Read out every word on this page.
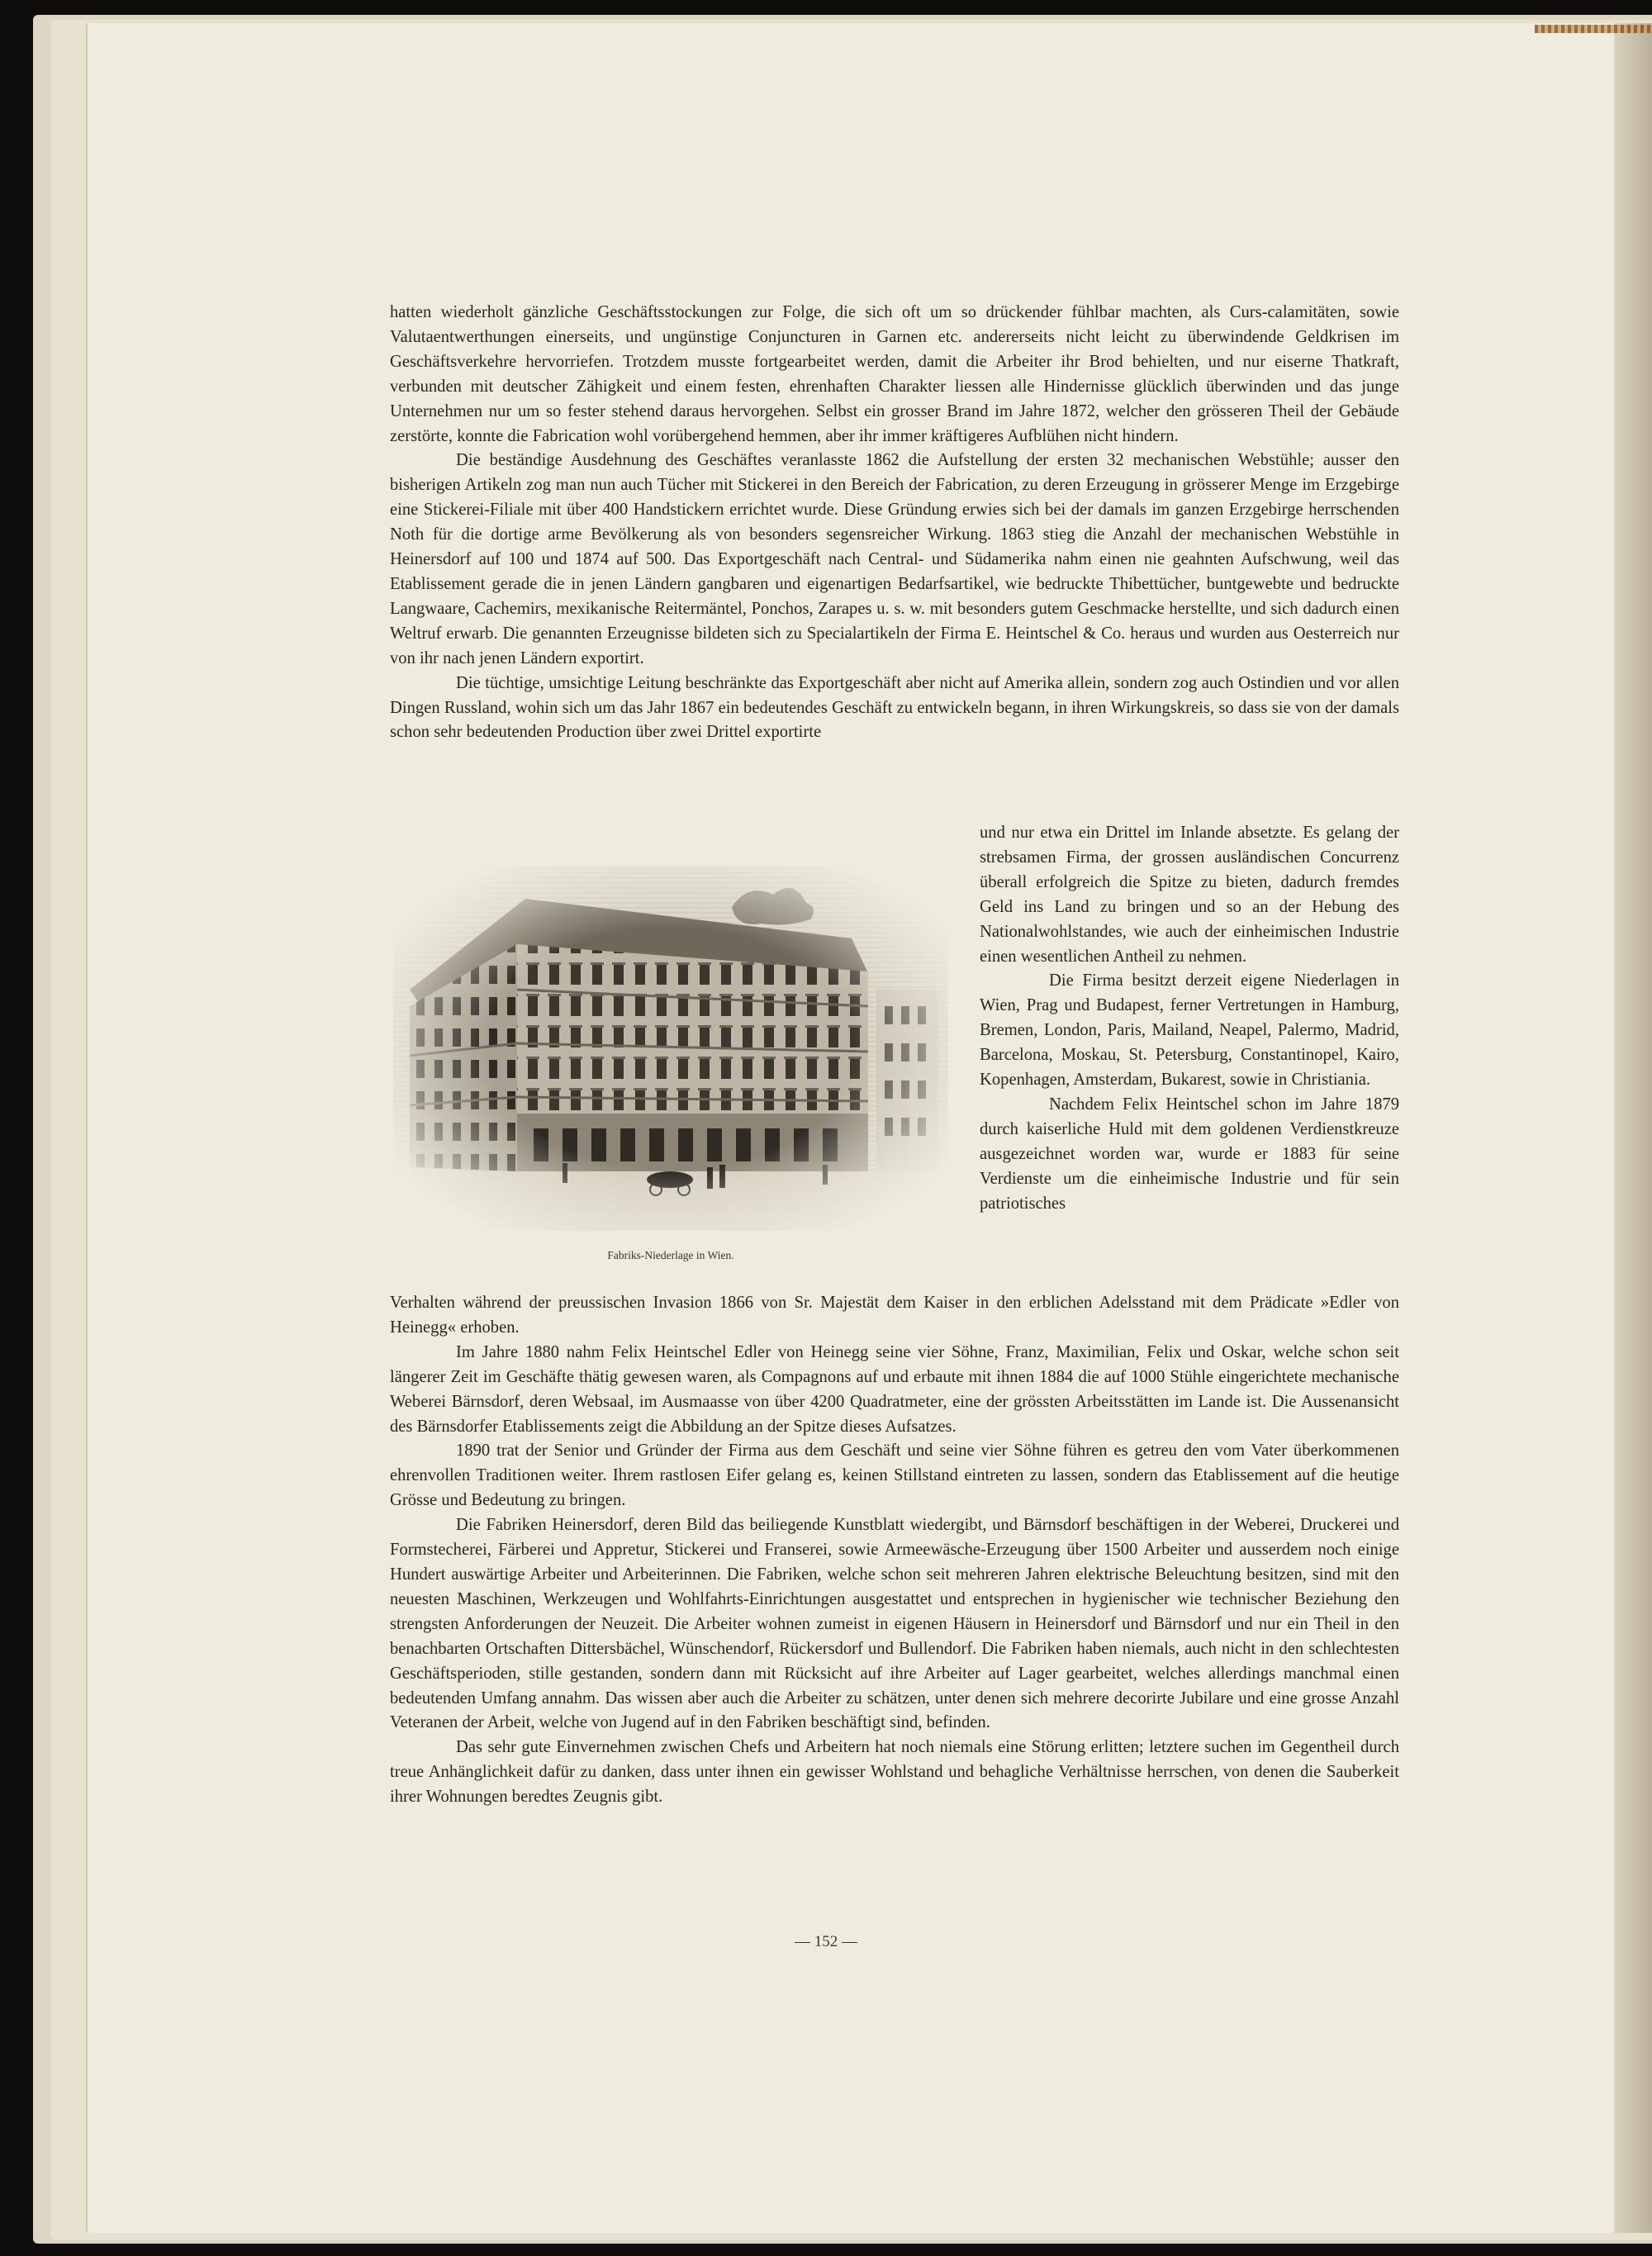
hatten wiederholt gänzliche Geschäftsstockungen zur Folge, die sich oft um so drückender fühlbar machten, als Curs-calamitäten, sowie Valutaentwerthungen einerseits, und ungünstige Conjuncturen in Garnen etc. andererseits nicht leicht zu überwindende Geldkrisen im Geschäftsverkehre hervorriefen. Trotzdem musste fortgearbeitet werden, damit die Arbeiter ihr Brod behielten, und nur eiserne Thatkraft, verbunden mit deutscher Zähigkeit und einem festen, ehrenhaften Charakter liessen alle Hindernisse glücklich überwinden und das junge Unternehmen nur um so fester stehend daraus hervorgehen. Selbst ein grosser Brand im Jahre 1872, welcher den grösseren Theil der Gebäude zerstörte, konnte die Fabrication wohl vorübergehend hemmen, aber ihr immer kräftigeres Aufblühen nicht hindern.

Die beständige Ausdehnung des Geschäftes veranlasste 1862 die Aufstellung der ersten 32 mechanischen Webstühle; ausser den bisherigen Artikeln zog man nun auch Tücher mit Stickerei in den Bereich der Fabrication, zu deren Erzeugung in grösserer Menge im Erzgebirge eine Stickerei-Filiale mit über 400 Handstickern errichtet wurde. Diese Gründung erwies sich bei der damals im ganzen Erzgebirge herrschenden Noth für die dortige arme Bevölkerung als von besonders segensreicher Wirkung. 1863 stieg die Anzahl der mechanischen Webstühle in Heinersdorf auf 100 und 1874 auf 500. Das Exportgeschäft nach Central- und Südamerika nahm einen nie geahnten Aufschwung, weil das Etablissement gerade die in jenen Ländern gangbaren und eigenartigen Bedarfsartikel, wie bedruckte Thibettücher, buntgewebte und bedruckte Langwaare, Cachemirs, mexikanische Reitermäntel, Ponchos, Zarapes u. s. w. mit besonders gutem Geschmacke herstellte, und sich dadurch einen Weltruf erwarb. Die genannten Erzeugnisse bildeten sich zu Specialartikeln der Firma E. Heintschel & Co. heraus und wurden aus Oesterreich nur von ihr nach jenen Ländern exportirt.

Die tüchtige, umsichtige Leitung beschränkte das Exportgeschäft aber nicht auf Amerika allein, sondern zog auch Ostindien und vor allen Dingen Russland, wohin sich um das Jahr 1867 ein bedeutendes Geschäft zu entwickeln begann, in ihren Wirkungskreis, so dass sie von der damals schon sehr bedeutenden Production über zwei Drittel exportirte

und nur etwa ein Drittel im Inlande absetzte. Es gelang der strebsamen Firma, der grossen ausländischen Concurrenz überall erfolgreich die Spitze zu bieten, dadurch fremdes Geld ins Land zu bringen und so an der Hebung des Nationalwohlstandes, wie auch der einheimischen Industrie einen wesentlichen Antheil zu nehmen.

Die Firma besitzt derzeit eigene Niederlagen in Wien, Prag und Budapest, ferner Vertretungen in Hamburg, Bremen, London, Paris, Mailand, Neapel, Palermo, Madrid, Barcelona, Moskau, St. Petersburg, Constantinopel, Kairo, Kopenhagen, Amsterdam, Bukarest, sowie in Christiania.

Nachdem Felix Heintschel schon im Jahre 1879 durch kaiserliche Huld mit dem goldenen Verdienstkreuze ausgezeichnet worden war, wurde er 1883 für seine Verdienste um die einheimische Industrie und für sein patriotisches

Fabriks-Niederlage in Wien.

Verhalten während der preussischen Invasion 1866 von Sr. Majestät dem Kaiser in den erblichen Adelsstand mit dem Prädicate »Edler von Heinegg« erhoben.

Im Jahre 1880 nahm Felix Heintschel Edler von Heinegg seine vier Söhne, Franz, Maximilian, Felix und Oskar, welche schon seit längerer Zeit im Geschäfte thätig gewesen waren, als Compagnons auf und erbaute mit ihnen 1884 die auf 1000 Stühle eingerichtete mechanische Weberei Bärnsdorf, deren Websaal, im Ausmaasse von über 4200 Quadratmeter, eine der grössten Arbeitsstätten im Lande ist. Die Aussenansicht des Bärnsdorfer Etablissements zeigt die Abbildung an der Spitze dieses Aufsatzes.

1890 trat der Senior und Gründer der Firma aus dem Geschäft und seine vier Söhne führen es getreu den vom Vater überkommenen ehrenvollen Traditionen weiter. Ihrem rastlosen Eifer gelang es, keinen Stillstand eintreten zu lassen, sondern das Etablissement auf die heutige Grösse und Bedeutung zu bringen.

Die Fabriken Heinersdorf, deren Bild das beiliegende Kunstblatt wiedergibt, und Bärnsdorf beschäftigen in der Weberei, Druckerei und Formstecherei, Färberei und Appretur, Stickerei und Franserei, sowie Armeewäsche-Erzeugung über 1500 Arbeiter und ausserdem noch einige Hundert auswärtige Arbeiter und Arbeiterinnen. Die Fabriken, welche schon seit mehreren Jahren elektrische Beleuchtung besitzen, sind mit den neuesten Maschinen, Werkzeugen und Wohlfahrts-Einrichtungen ausgestattet und entsprechen in hygienischer wie technischer Beziehung den strengsten Anforderungen der Neuzeit. Die Arbeiter wohnen zumeist in eigenen Häusern in Heinersdorf und Bärnsdorf und nur ein Theil in den benachbarten Ortschaften Dittersbächel, Wünschendorf, Rückersdorf und Bullendorf. Die Fabriken haben niemals, auch nicht in den schlechtesten Geschäftsperioden, stille gestanden, sondern dann mit Rücksicht auf ihre Arbeiter auf Lager gearbeitet, welches allerdings manchmal einen bedeutenden Umfang annahm. Das wissen aber auch die Arbeiter zu schätzen, unter denen sich mehrere decorirte Jubilare und eine grosse Anzahl Veteranen der Arbeit, welche von Jugend auf in den Fabriken beschäftigt sind, befinden.

Das sehr gute Einvernehmen zwischen Chefs und Arbeitern hat noch niemals eine Störung erlitten; letztere suchen im Gegentheil durch treue Anhänglichkeit dafür zu danken, dass unter ihnen ein gewisser Wohlstand und behagliche Verhältnisse herrschen, von denen die Sauberkeit ihrer Wohnungen beredtes Zeugnis gibt.

— 152 —
